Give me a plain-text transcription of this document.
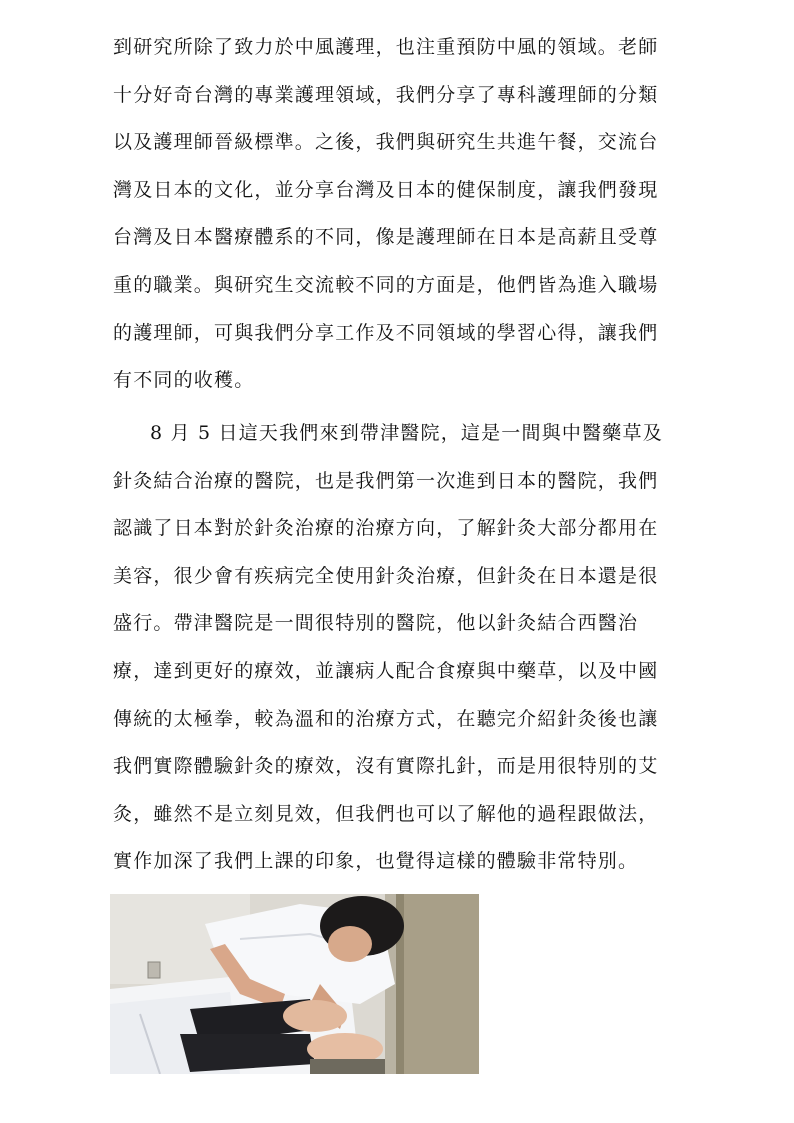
到研究所除了致力於中風護理，也注重預防中風的領域。老師
十分好奇台灣的專業護理領域，我們分享了專科護理師的分類
以及護理師晉級標準。之後，我們與研究生共進午餐，交流台
灣及日本的文化，並分享台灣及日本的健保制度，讓我們發現
台灣及日本醫療體系的不同，像是護理師在日本是高薪且受尊
重的職業。與研究生交流較不同的方面是，他們皆為進入職場
的護理師，可與我們分享工作及不同領域的學習心得，讓我們
有不同的收穫。
8 月 5 日這天我們來到帶津醫院，這是一間與中醫藥草及
針灸結合治療的醫院，也是我們第一次進到日本的醫院，我們
認識了日本對於針灸治療的治療方向，了解針灸大部分都用在
美容，很少會有疾病完全使用針灸治療，但針灸在日本還是很
盛行。帶津醫院是一間很特別的醫院，他以針灸結合西醫治
療，達到更好的療效，並讓病人配合食療與中藥草，以及中國
傳統的太極拳，較為溫和的治療方式，在聽完介紹針灸後也讓
我們實際體驗針灸的療效，沒有實際扎針，而是用很特別的艾
灸，雖然不是立刻見效，但我們也可以了解他的過程跟做法，
實作加深了我們上課的印象，也覺得這樣的體驗非常特別。
